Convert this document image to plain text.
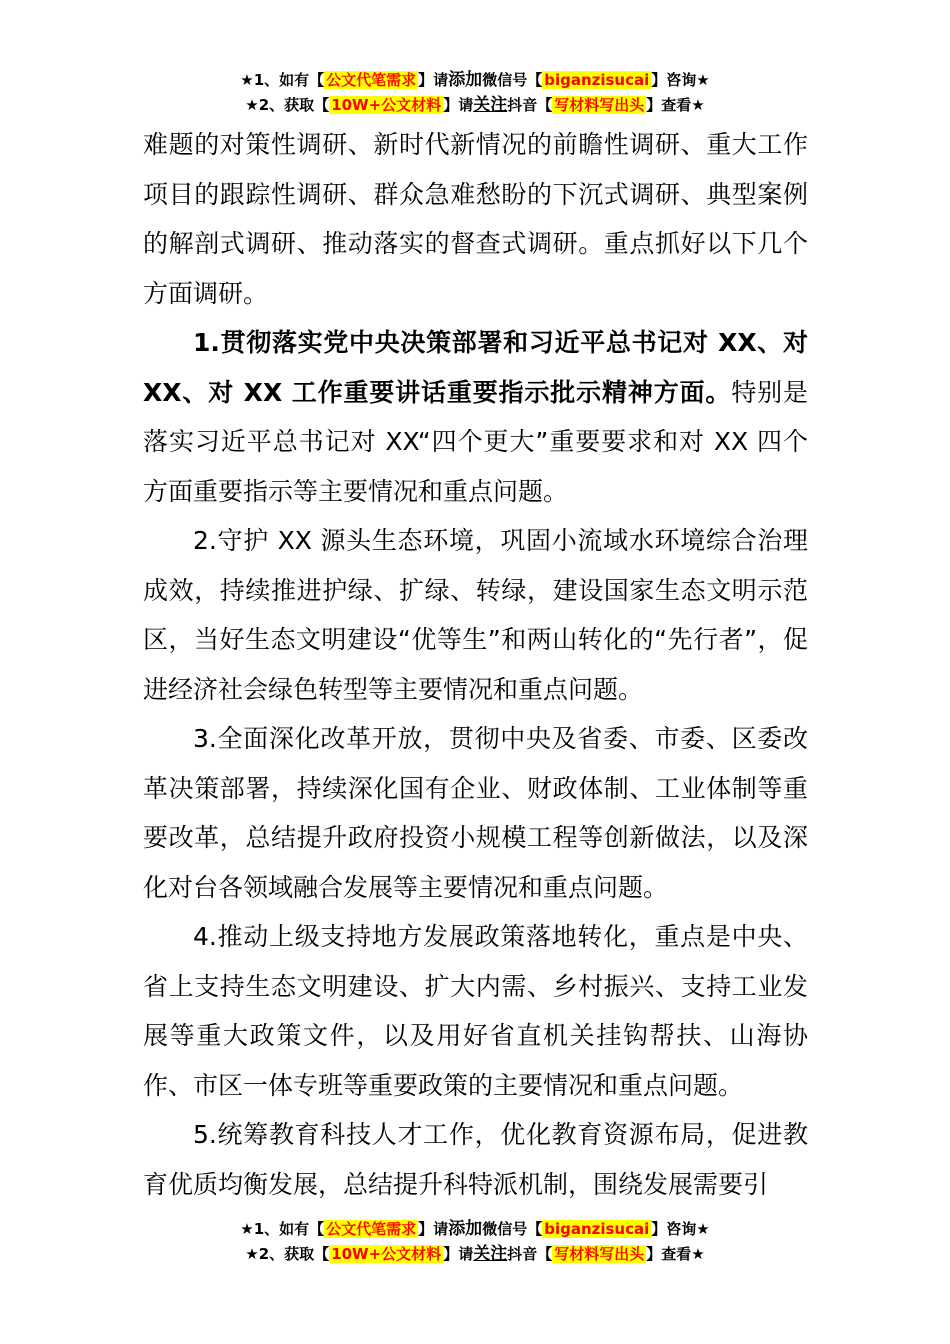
★1、如有【 公文代笔需求 】请添加微信号【 biganzisucai 】咨询★
★2、获取【 10W+公文材料 】请关注抖音【 写材料写出头 】查看★

难题的对策性调研、新时代新情况的前瞻性调研、重大工作项目的跟踪性调研、群众急难愁盼的下沉式调研、典型案例的解剖式调研、推动落实的督查式调研。重点抓好以下几个方面调研。

1.贯彻落实党中央决策部署和习近平总书记对 XX、对 XX、对 XX 工作重要讲话重要指示批示精神方面。特别是落实习近平总书记对 XX“四个更大”重要要求和对 XX 四个方面重要指示等主要情况和重点问题。

2.守护 XX 源头生态环境，巩固小流域水环境综合治理成效，持续推进护绿、扩绿、转绿，建设国家生态文明示范区，当好生态文明建设“优等生”和两山转化的“先行者”，促进经济社会绿色转型等主要情况和重点问题。

3.全面深化改革开放，贯彻中央及省委、市委、区委改革决策部署，持续深化国有企业、财政体制、工业体制等重要改革，总结提升政府投资小规模工程等创新做法，以及深化对台各领域融合发展等主要情况和重点问题。

4.推动上级支持地方发展政策落地转化，重点是中央、省上支持生态文明建设、扩大内需、乡村振兴、支持工业发展等重大政策文件，以及用好省直机关挂钩帮扶、山海协作、市区一体专班等重要政策的主要情况和重点问题。

5.统筹教育科技人才工作，优化教育资源布局，促进教育优质均衡发展，总结提升科特派机制，围绕发展需要引

★1、如有【 公文代笔需求 】请添加微信号【 biganzisucai 】咨询★
★2、获取【 10W+公文材料 】请关注抖音【 写材料写出头 】查看★
